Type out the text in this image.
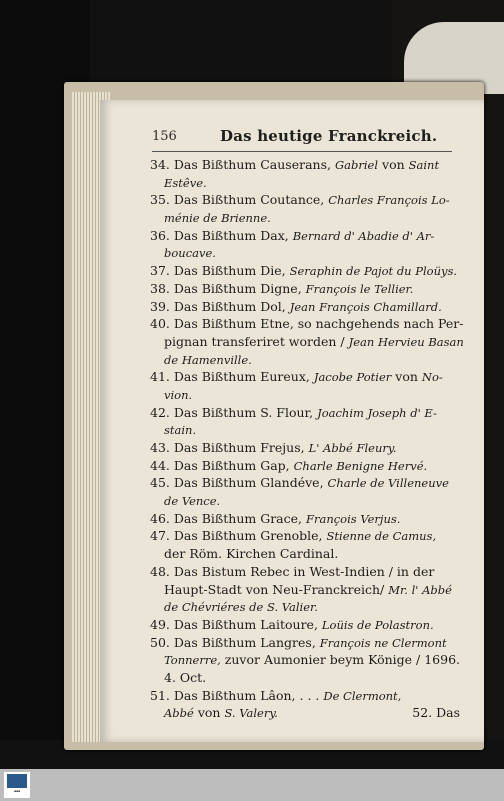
156	Das heutige Franckreich.
34. Das Bißthum Causerans, Gabriel von Saint
Estêve.
35. Das Bißthum Coutance, Charles François Lo-
ménie de Brienne.
36. Das Bißthum Dax, Bernard d' Abadie d' Ar-
boucave.
37. Das Bißthum Die, Seraphin de Pajot du Ploüys.
38. Das Bißthum Digne, François le Tellier.
39. Das Bißthum Dol, Jean François Chamillard.
40. Das Bißthum Etne, so nachgehends nach Per-
pignan transferiret worden / Jean Hervieu Basan
de Hamenville.
41. Das Bißthum Eureux, Jacobe Potier von No-
vion.
42. Das Bißthum S. Flour, Joachim Joseph d' E-
stain.
43. Das Bißthum Frejus, L' Abbé Fleury.
44. Das Bißthum Gap, Charle Benigne Hervé.
45. Das Bißthum Glandéve, Charle de Villeneuve
de Vence.
46. Das Bißthum Grace, François Verjus.
47. Das Bißthum Grenoble, Stienne de Camus,
der Röm. Kirchen Cardinal.
48. Das Bistum Rebec in West-Indien / in der
Haupt-Stadt von Neu-Franckreich/ Mr. l' Abbé
de Chévriéres de S. Valier.
49. Das Bißthum Laitoure, Loüis de Polastron.
50. Das Bißthum Langres, François ne Clermont
Tonnerre, zuvor Aumonier beym Könige / 1696.
4. Oct.
51. Das Bißthum Lâon, . . . De Clermont,
Abbé von S. Valery.	52. Das
▪▪▪
